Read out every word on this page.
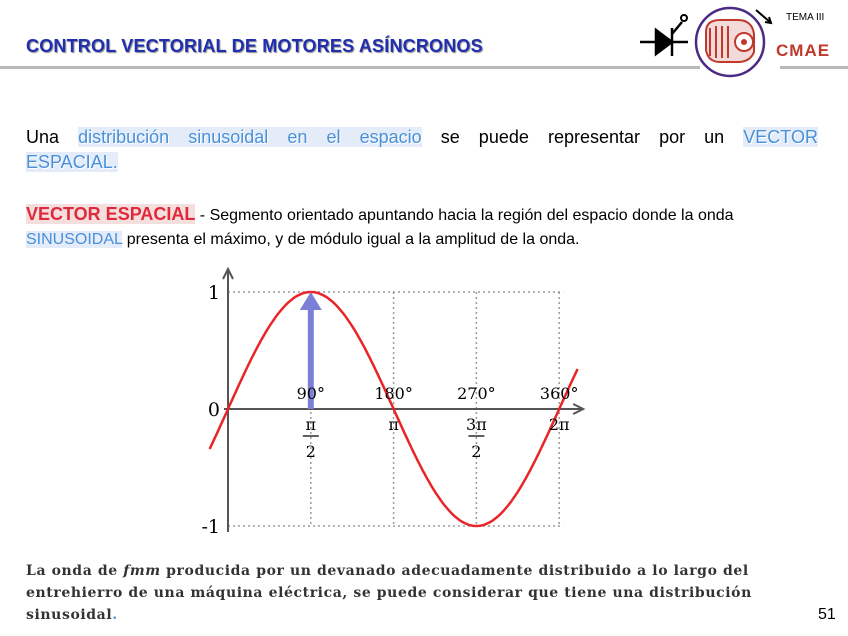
CONTROL VECTORIAL DE MOTORES ASÍNCRONOS
TEMA III
CMAE
Una distribución sinusoidal en el espacio se puede representar por un VECTOR
ESPACIAL.
VECTOR ESPACIAL - Segmento orientado apuntando hacia la región del espacio donde la onda SINUSOIDAL presenta el máximo, y de módulo igual a la amplitud de la onda.
1
0
-1
90°
π
2
180°
π
270°
3π
2
360°
2π
La onda de fmm producida por un devanado adecuadamente distribuido a lo largo del entrehierro de una máquina eléctrica, se puede considerar que tiene una distribución sinusoidal.	51
